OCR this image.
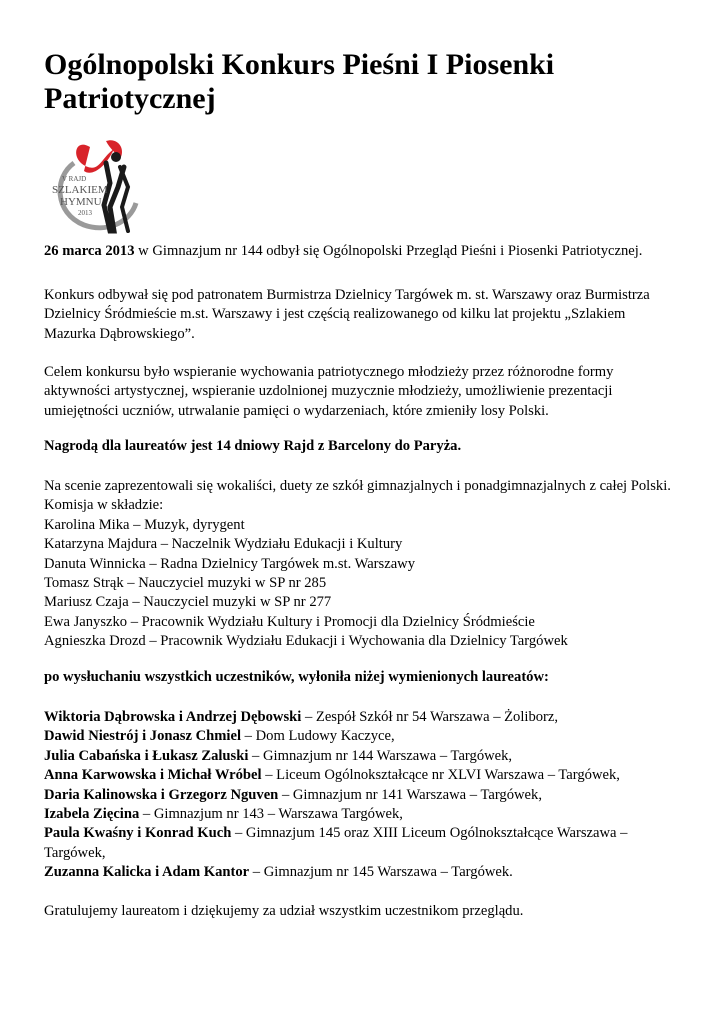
Ogólnopolski Konkurs Pieśni I Piosenki Patriotycznej
V RAJD
SZLAKIEM
HYMNU
2013
26 marca 2013 w Gimnazjum nr 144 odbył się Ogólnopolski Przegląd Pieśni i Piosenki Patriotycznej.
Konkurs odbywał się pod patronatem Burmistrza Dzielnicy Targówek m. st. Warszawy oraz Burmistrza
Dzielnicy Śródmieście m.st. Warszawy i jest częścią realizowanego od kilku lat projektu „Szlakiem
Mazurka Dąbrowskiego”.
Celem konkursu było wspieranie wychowania patriotycznego młodzieży przez różnorodne formy
aktywności artystycznej, wspieranie uzdolnionej muzycznie młodzieży, umożliwienie prezentacji
umiejętności uczniów, utrwalanie pamięci o wydarzeniach, które zmieniły losy Polski.
Nagrodą dla laureatów jest 14 dniowy Rajd z Barcelony do Paryża.
Na scenie zaprezentowali się wokaliści, duety ze szkół gimnazjalnych i ponadgimnazjalnych z całej Polski.
Komisja w składzie:
Karolina Mika – Muzyk, dyrygent
Katarzyna Majdura – Naczelnik Wydziału Edukacji i Kultury
Danuta Winnicka – Radna Dzielnicy Targówek m.st. Warszawy
Tomasz Strąk – Nauczyciel muzyki w SP nr 285
Mariusz Czaja – Nauczyciel muzyki w SP nr 277
Ewa Janyszko – Pracownik Wydziału Kultury i Promocji dla Dzielnicy Śródmieście
Agnieszka Drozd – Pracownik Wydziału Edukacji i Wychowania dla Dzielnicy Targówek
po wysłuchaniu wszystkich uczestników, wyłoniła niżej wymienionych laureatów:
Wiktoria Dąbrowska i Andrzej Dębowski – Zespół Szkół nr 54 Warszawa – Żoliborz,
Dawid Niestrój i Jonasz Chmiel – Dom Ludowy Kaczyce,
Julia Cabańska i Łukasz Zaluski – Gimnazjum nr 144 Warszawa – Targówek,
Anna Karwowska i Michał Wróbel – Liceum Ogólnokształcące nr XLVI Warszawa – Targówek,
Daria Kalinowska i Grzegorz Nguven – Gimnazjum nr 141 Warszawa – Targówek,
Izabela Zięcina – Gimnazjum nr 143 – Warszawa Targówek,
Paula Kwaśny i Konrad Kuch – Gimnazjum 145 oraz XIII Liceum Ogólnokształcące Warszawa –
Targówek,
Zuzanna Kalicka i Adam Kantor – Gimnazjum nr 145 Warszawa – Targówek.
Gratulujemy laureatom i dziękujemy za udział wszystkim uczestnikom przeglądu.
